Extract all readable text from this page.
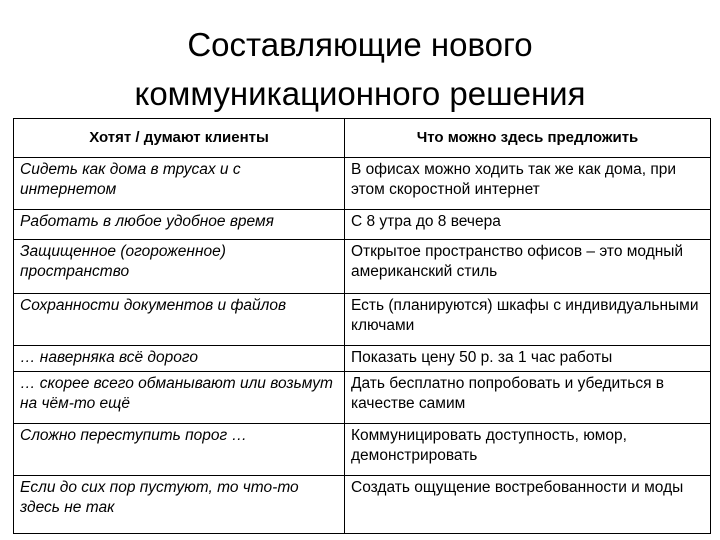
Составляющие нового
коммуникационного решения
Хотят / думают клиенты	Что можно здесь предложить
Сидеть как дома в трусах и с интернетом	В офисах можно ходить так же как дома, при этом скоростной интернет
Работать в любое удобное время	С 8 утра до 8 вечера
Защищенное (огороженное) пространство	Открытое пространство офисов – это модный американский стиль
Сохранности документов и файлов	Есть (планируются) шкафы с индивидуальными ключами
… наверняка всё дорого	Показать цену 50 р. за 1 час работы
… скорее всего обманывают или возьмут на чём-то ещё	Дать бесплатно попробовать и убедиться в качестве самим
Сложно переступить порог …	Коммуницировать доступность, юмор, демонстрировать
Если до сих пор пустуют, то что-то здесь не так	Создать ощущение востребованности и моды
